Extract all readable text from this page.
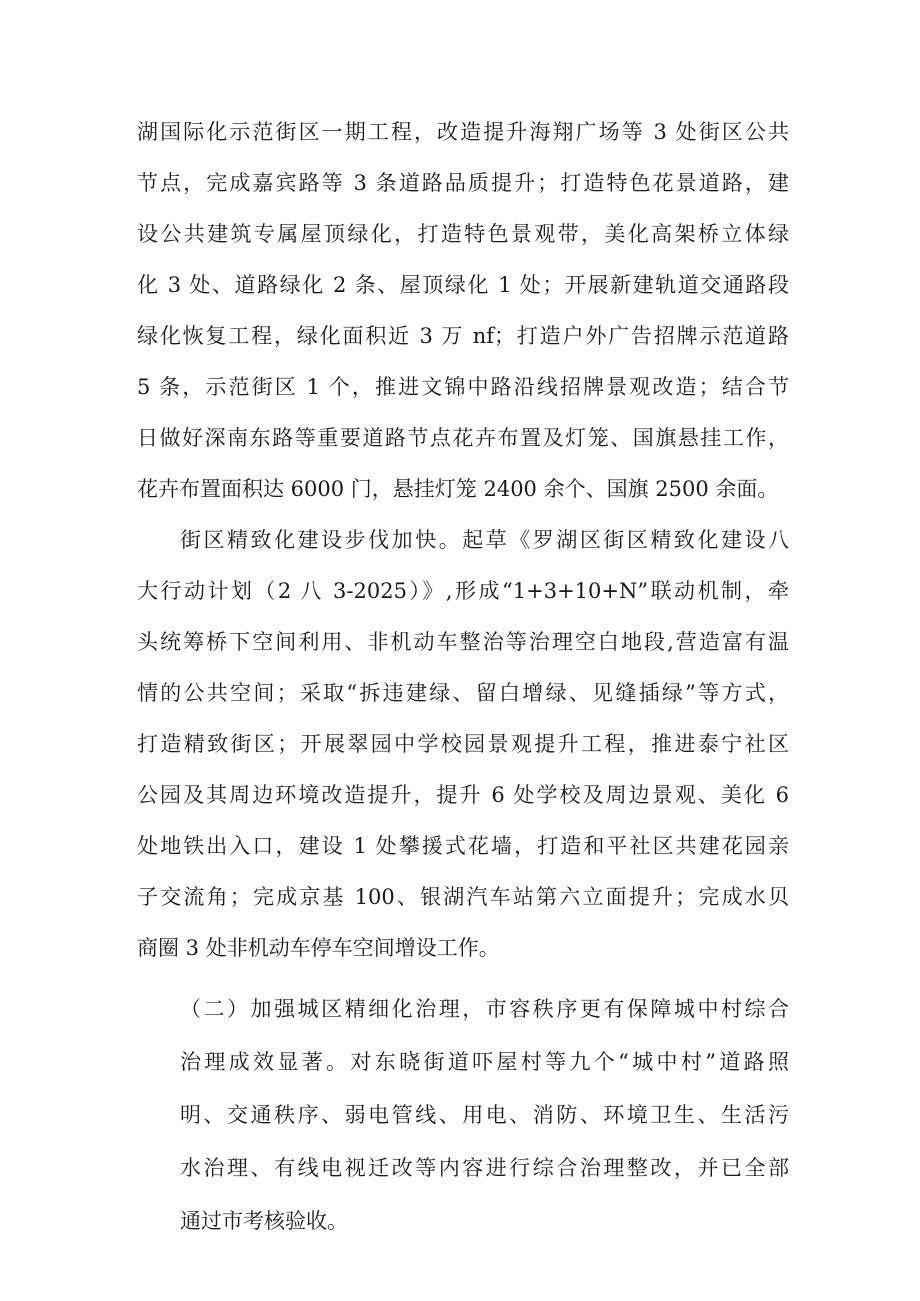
湖国际化示范街区一期工程，改造提升海翔广场等 3 处街区公共

节点，完成嘉宾路等 3 条道路品质提升；打造特色花景道路，建

设公共建筑专属屋顶绿化，打造特色景观带，美化高架桥立体绿

化 3 处、道路绿化 2 条、屋顶绿化 1 处；开展新建轨道交通路段

绿化恢复工程，绿化面积近 3 万 nf；打造户外广告招牌示范道路

5 条，示范街区 1 个，推进文锦中路沿线招牌景观改造；结合节

日做好深南东路等重要道路节点花卉布置及灯笼、国旗悬挂工作，

花卉布置面积达 6000 门，悬挂灯笼 2400 余个、国旗 2500 余面。

街区精致化建设步伐加快。起草《罗湖区街区精致化建设八

大行动计划（2 八 3-2025）》,形成“1+3+10+N”联动机制，牵

头统筹桥下空间利用、非机动车整治等治理空白地段,营造富有温

情的公共空间；采取“拆违建绿、留白增绿、见缝插绿”等方式，

打造精致街区；开展翠园中学校园景观提升工程，推进泰宁社区

公园及其周边环境改造提升，提升 6 处学校及周边景观、美化 6

处地铁出入口，建设 1 处攀援式花墙，打造和平社区共建花园亲

子交流角；完成京基 100、银湖汽车站第六立面提升；完成水贝

商圈 3 处非机动车停车空间增设工作。

（二）加强城区精细化治理，市容秩序更有保障城中村综合

治理成效显著。对东晓街道吓屋村等九个“城中村”道路照

明、交通秩序、弱电管线、用电、消防、环境卫生、生活污

水治理、有线电视迁改等内容进行综合治理整改，并已全部

通过市考核验收。
